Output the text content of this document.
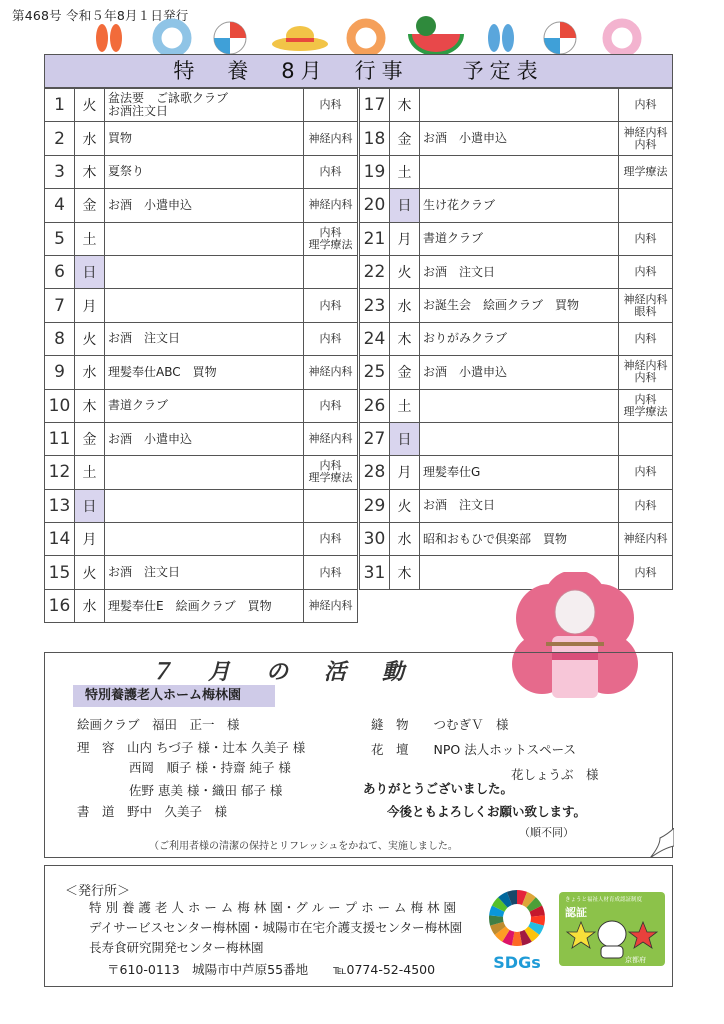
第468号 令和５年8月１日発行
特　養　8月　行事　　予定表
1	火	盆法要　ご詠歌クラブ
お酒注文日	内科
2	水	買物	神経内科
3	木	夏祭り	内科
4	金	お酒　小遣申込	神経内科
5	土		内科
理学療法
6	日		
7	月		内科
8	火	お酒　注文日	内科
9	水	理髪奉仕ABC　買物	神経内科
10	木	書道クラブ	内科
11	金	お酒　小遣申込	神経内科
12	土		内科
理学療法
13	日		
14	月		内科
15	火	お酒　注文日	内科
16	水	理髪奉仕E　絵画クラブ　買物	神経内科
17	木		内科
18	金	お酒　小遣申込	神経内科
内科
19	土		理学療法
20	日	生け花クラブ	
21	月	書道クラブ	内科
22	火	お酒　注文日	内科
23	水	お誕生会　絵画クラブ　買物	神経内科
眼科
24	木	おりがみクラブ	内科
25	金	お酒　小遣申込	神経内科
内科
26	土		内科
理学療法
27	日		
28	月	理髪奉仕G	内科
29	火	お酒　注文日	内科
30	水	昭和おもひで倶楽部　買物	神経内科
31	木		内科
７月の活動
特別養護老人ホーム梅林園
絵画クラブ　福田　正一　様
理　容　山内 ちづ子 様・辻本 久美子 様
西岡　順子 様・持齋 純子 様
佐野 恵美 様・織田 郁子 様
書　道　野中　久美子　様
縫　物　　つむぎＶ　様
花　壇　　NPO 法人ホットスペース
花しょうぶ　様
ありがとうございました。
今後ともよろしくお願い致します。
（順不同）
（ご利用者様の清潔の保持とリフレッシュをかねて、実施しました。
＜発行所＞
特 別 養 護 老 人 ホ ー ム 梅 林 園・グ ル ー プ ホ ー ム 梅 林 園
デイサービスセンター梅林園・城陽市在宅介護支援センター梅林園
長寿食研究開発センター梅林園
〒610-0113　城陽市中芦原55番地　　℡0774-52-4500	SDGs
きょうと福祉人材育成認証制度
認証
京都府
